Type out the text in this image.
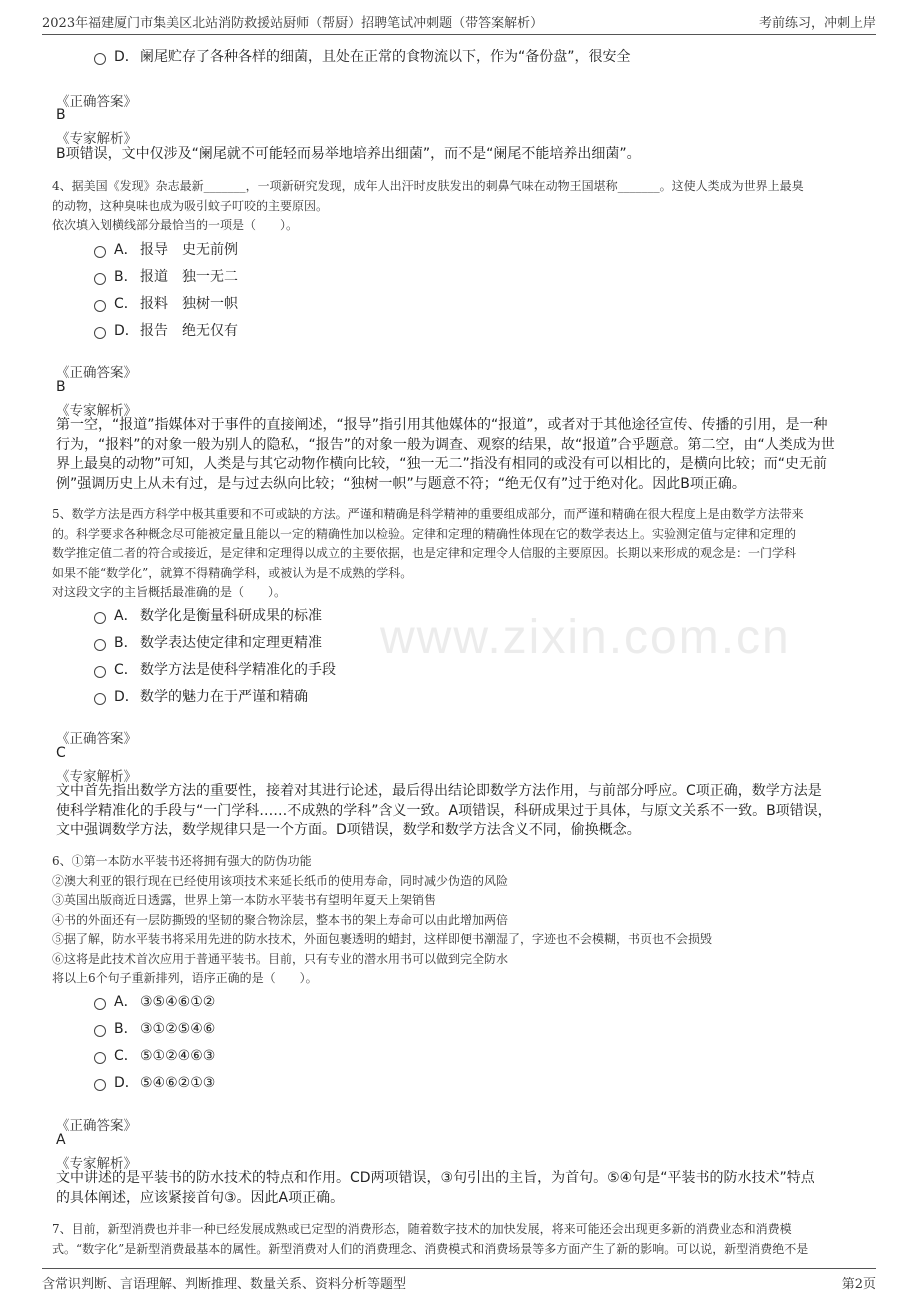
2023年福建厦门市集美区北站消防救援站厨师（帮厨）招聘笔试冲刺题（带答案解析）	考前练习，冲刺上岸
www.zixin.com.cn
D．阑尾贮存了各种各样的细菌，且处在正常的食物流以下，作为“备份盘”，很安全
《正确答案》
B
《专家解析》
B项错误，文中仅涉及“阑尾就不可能轻而易举地培养出细菌”，而不是“阑尾不能培养出细菌”。
4、据美国《发现》杂志最新_______，一项新研究发现，成年人出汗时皮肤发出的刺鼻气味在动物王国堪称_______。这使人类成为世界上最臭
的动物，这种臭味也成为吸引蚊子叮咬的主要原因。
依次填入划横线部分最恰当的一项是（　　）。
A． 报导　史无前例
B． 报道　独一无二
C． 报料　独树一帜
D．报告　绝无仅有
《正确答案》
B
《专家解析》
第一空，“报道”指媒体对于事件的直接阐述，“报导”指引用其他媒体的“报道”，或者对于其他途径宣传、传播的引用，是一种
行为，“报料”的对象一般为别人的隐私，“报告”的对象一般为调查、观察的结果，故“报道”合乎题意。第二空，由“人类成为世
界上最臭的动物”可知，人类是与其它动物作横向比较，“独一无二”指没有相同的或没有可以相比的，是横向比较；而“史无前
例”强调历史上从未有过，是与过去纵向比较；“独树一帜”与题意不符；“绝无仅有”过于绝对化。因此B项正确。
5、数学方法是西方科学中极其重要和不可或缺的方法。严谨和精确是科学精神的重要组成部分，而严谨和精确在很大程度上是由数学方法带来
的。科学要求各种概念尽可能被定量且能以一定的精确性加以检验。定律和定理的精确性体现在它的数学表达上。实验测定值与定律和定理的
数学推定值二者的符合或接近，是定律和定理得以成立的主要依据，也是定律和定理令人信服的主要原因。长期以来形成的观念是：一门学科
如果不能“数学化”，就算不得精确学科，或被认为是不成熟的学科。
对这段文字的主旨概括最准确的是（　　）。
A． 数学化是衡量科研成果的标准
B． 数学表达使定律和定理更精准
C． 数学方法是使科学精准化的手段
D．数学的魅力在于严谨和精确
《正确答案》
C
《专家解析》
文中首先指出数学方法的重要性，接着对其进行论述，最后得出结论即数学方法作用，与前部分呼应。C项正确，数学方法是
使科学精准化的手段与“一门学科……不成熟的学科”含义一致。A项错误，科研成果过于具体，与原文关系不一致。B项错误，
文中强调数学方法，数学规律只是一个方面。D项错误，数学和数学方法含义不同，偷换概念。
6、①第一本防水平装书还将拥有强大的防伪功能
②澳大利亚的银行现在已经使用该项技术来延长纸币的使用寿命，同时减少伪造的风险
③英国出版商近日透露，世界上第一本防水平装书有望明年夏天上架销售
④书的外面还有一层防撕毁的坚韧的聚合物涂层，整本书的架上寿命可以由此增加两倍
⑤据了解，防水平装书将采用先进的防水技术，外面包裹透明的蜡封，这样即便书潮湿了，字迹也不会模糊，书页也不会损毁
⑥这将是此技术首次应用于普通平装书。目前，只有专业的潜水用书可以做到完全防水
将以上6个句子重新排列，语序正确的是（　　）。
A． ③⑤④⑥①②
B． ③①②⑤④⑥
C． ⑤①②④⑥③
D．⑤④⑥②①③
《正确答案》
A
《专家解析》
文中讲述的是平装书的防水技术的特点和作用。CD两项错误，③句引出的主旨，为首句。⑤④句是“平装书的防水技术”特点
的具体阐述，应该紧接首句③。因此A项正确。
7、目前，新型消费也并非一种已经发展成熟或已定型的消费形态，随着数字技术的加快发展，将来可能还会出现更多新的消费业态和消费模
式。“数字化”是新型消费最基本的属性。新型消费对人们的消费理念、消费模式和消费场景等多方面产生了新的影响。可以说，新型消费绝不是
含常识判断、言语理解、判断推理、数量关系、资料分析等题型	第2页
